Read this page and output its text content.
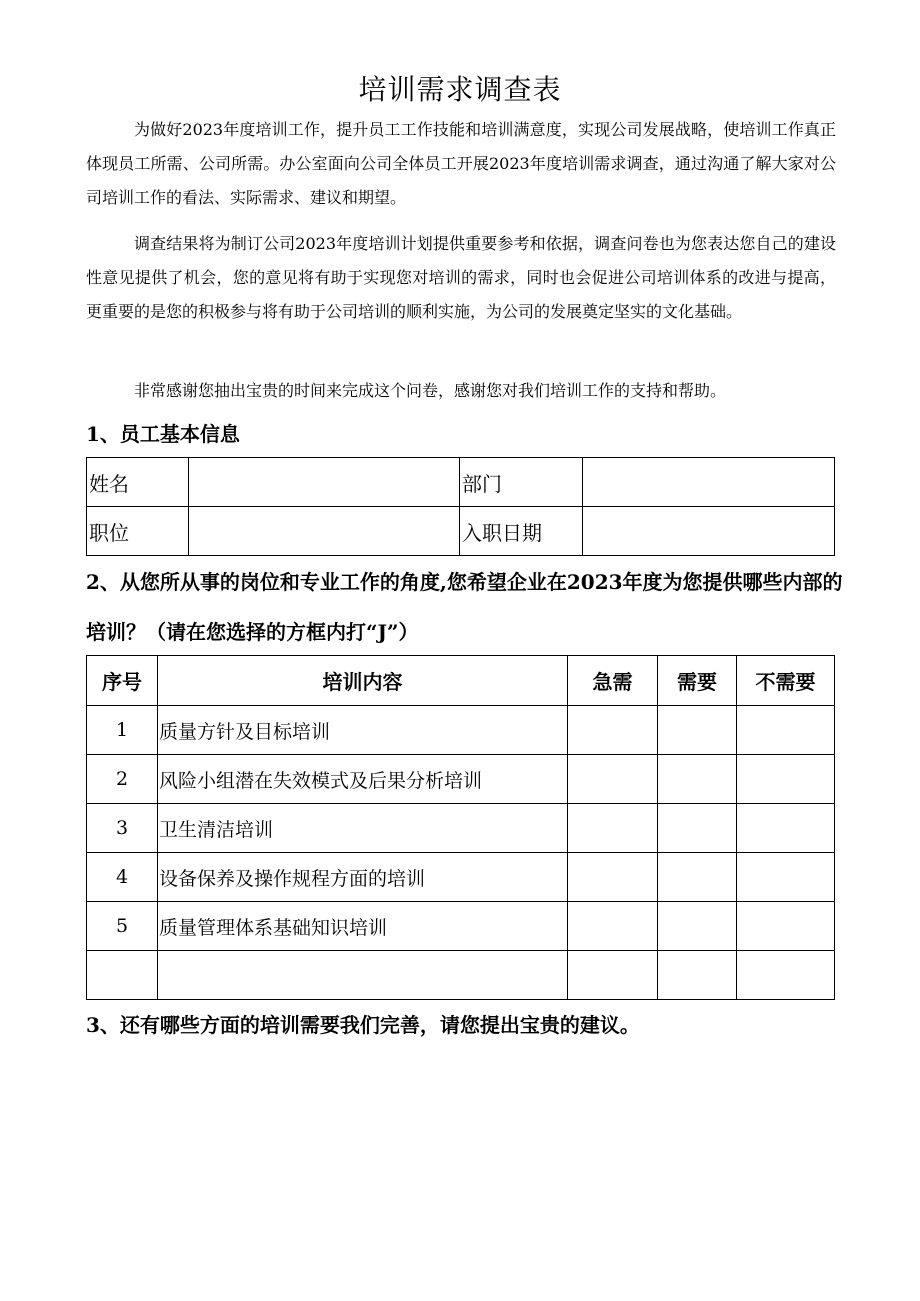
培训需求调查表

为做好2023年度培训工作，提升员工工作技能和培训满意度，实现公司发展战略，使培训工作真正体现员工所需、公司所需。办公室面向公司全体员工开展2023年度培训需求调查，通过沟通了解大家对公司培训工作的看法、实际需求、建议和期望。

调查结果将为制订公司2023年度培训计划提供重要参考和依据，调查问卷也为您表达您自己的建设性意见提供了机会，您的意见将有助于实现您对培训的需求，同时也会促进公司培训体系的改进与提高，更重要的是您的积极参与将有助于公司培训的顺利实施，为公司的发展奠定坚实的文化基础。

非常感谢您抽出宝贵的时间来完成这个问卷，感谢您对我们培训工作的支持和帮助。

1、员工基本信息
姓名		部门	
职位		入职日期	
2、从您所从事的岗位和专业工作的角度,您希望企业在2023年度为您提供哪些内部的培训？（请在您选择的方框内打“J”）
序号	培训内容	急需	需要	不需要
1	质量方针及目标培训			
2	风险小组潜在失效模式及后果分析培训			
3	卫生清洁培训			
4	设备保养及操作规程方面的培训			
5	质量管理体系基础知识培训			

3、还有哪些方面的培训需要我们完善，请您提出宝贵的建议。
